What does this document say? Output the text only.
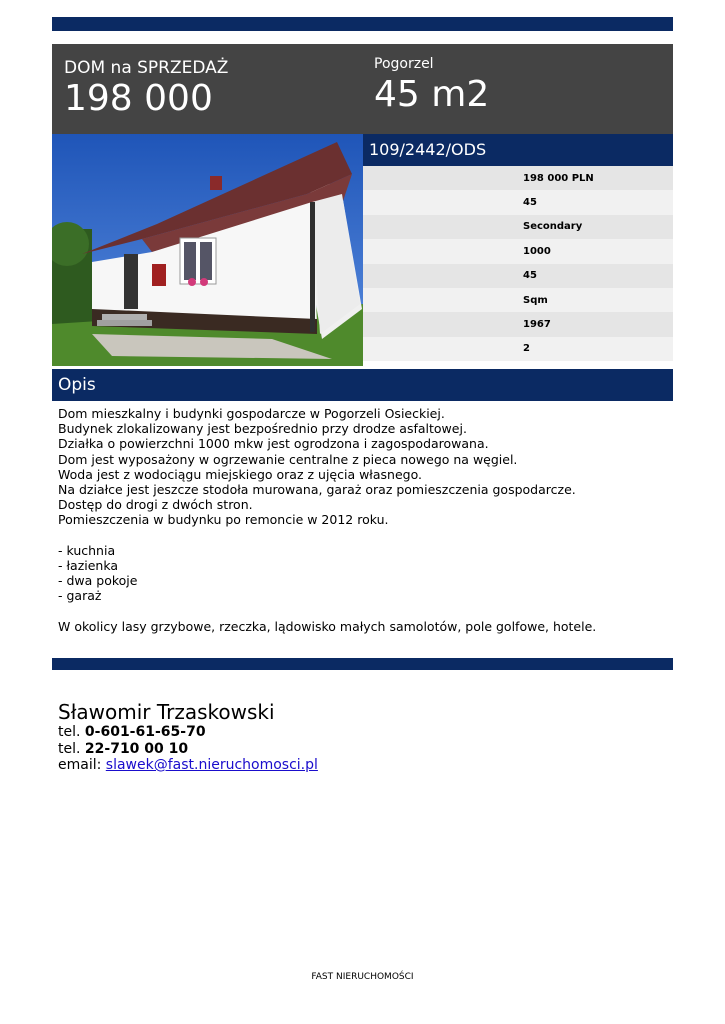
DOM na SPRZEDAŻ
198 000
Pogorzel
45 m2
109/2442/ODS
198 000 PLN
45
Secondary
1000
45
Sqm
1967
2
Opis
Dom mieszkalny i budynki gospodarcze w Pogorzeli Osieckiej.
Budynek zlokalizowany jest bezpośrednio przy drodze asfaltowej.
Działka o powierzchni 1000 mkw jest ogrodzona i zagospodarowana.
Dom jest wyposażony w ogrzewanie centralne z pieca nowego na węgiel.
Woda jest z wodociągu miejskiego oraz z ujęcia własnego.
Na działce jest jeszcze stodoła murowana, garaż oraz pomieszczenia gospodarcze.
Dostęp do drogi z dwóch stron.
Pomieszczenia w budynku po remoncie w 2012 roku.
- kuchnia
- łazienka
- dwa pokoje
- garaż
W okolicy lasy grzybowe, rzeczka, lądowisko małych samolotów, pole golfowe, hotele.
Sławomir Trzaskowski
tel. 0-601-61-65-70
tel. 22-710 00 10
email: slawek@fast.nieruchomosci.pl
FAST NIERUCHOMOŚCI
